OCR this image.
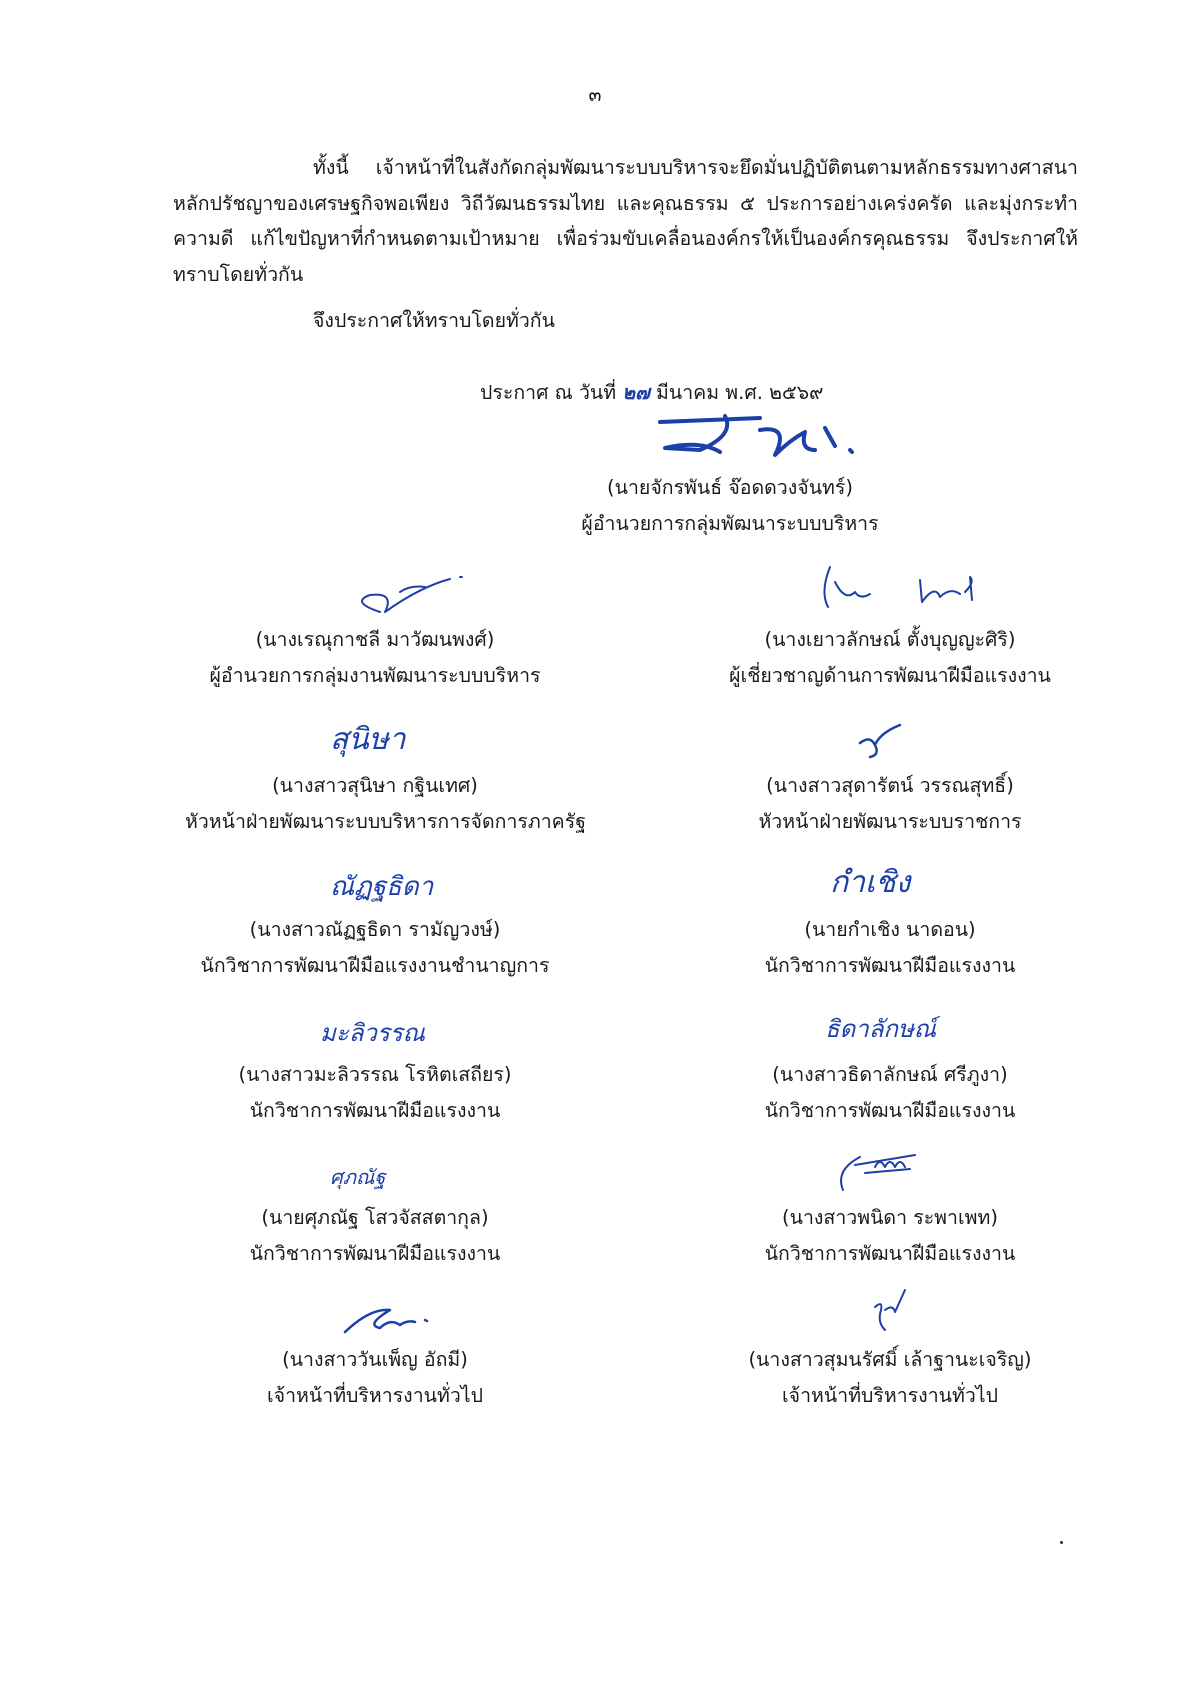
๓

ทั้งนี้ เจ้าหน้าที่ในสังกัดกลุ่มพัฒนาระบบบริหารจะยึดมั่นปฏิบัติตนตามหลักธรรมทางศาสนา หลักปรัชญาของเศรษฐกิจพอเพียง วิถีวัฒนธรรมไทย และคุณธรรม ๕ ประการอย่างเคร่งครัด และมุ่งกระทำความดี แก้ไขปัญหาที่กำหนดตามเป้าหมาย เพื่อร่วมขับเคลื่อนองค์กรให้เป็นองค์กรคุณธรรม จึงประกาศให้ทราบโดยทั่วกัน

จึงประกาศให้ทราบโดยทั่วกัน
ประกาศ ณ วันที่ ๒๗ มีนาคม พ.ศ. ๒๕๖๙
(นายจักรพันธ์ จ๊อดดวงจันทร์)
ผู้อำนวยการกลุ่มพัฒนาระบบบริหาร
(นางเรณุกาชลี มาวัฒนพงศ์)
ผู้อำนวยการกลุ่มงานพัฒนาระบบบริหาร
(นางเยาวลักษณ์ ตั้งบุญญะศิริ)
ผู้เชี่ยวชาญด้านการพัฒนาฝีมือแรงงาน
สุนิษา
(นางสาวสุนิษา กฐินเทศ)
หัวหน้าฝ่ายพัฒนาระบบบริหารการจัดการภาครัฐ
(นางสาวสุดารัตน์ วรรณสุทธิ์)
หัวหน้าฝ่ายพัฒนาระบบราชการ
ณัฏฐธิดา
(นางสาวณัฏฐธิดา รามัญวงษ์)
นักวิชาการพัฒนาฝีมือแรงงานชำนาญการ
กำเชิง
(นายกำเชิง นาดอน)
นักวิชาการพัฒนาฝีมือแรงงาน
มะลิวรรณ
(นางสาวมะลิวรรณ โรหิตเสถียร)
นักวิชาการพัฒนาฝีมือแรงงาน
ธิดาลักษณ์
(นางสาวธิดาลักษณ์ ศรีภูงา)
นักวิชาการพัฒนาฝีมือแรงงาน
ศุภณัฐ
(นายศุภณัฐ โสวจัสสตากุล)
นักวิชาการพัฒนาฝีมือแรงงาน
(นางสาวพนิดา ระพาเพท)
นักวิชาการพัฒนาฝีมือแรงงาน
(นางสาววันเพ็ญ อัถมี)
เจ้าหน้าที่บริหารงานทั่วไป
(นางสาวสุมนรัศมิ์ เล้าฐานะเจริญ)
เจ้าหน้าที่บริหารงานทั่วไป
